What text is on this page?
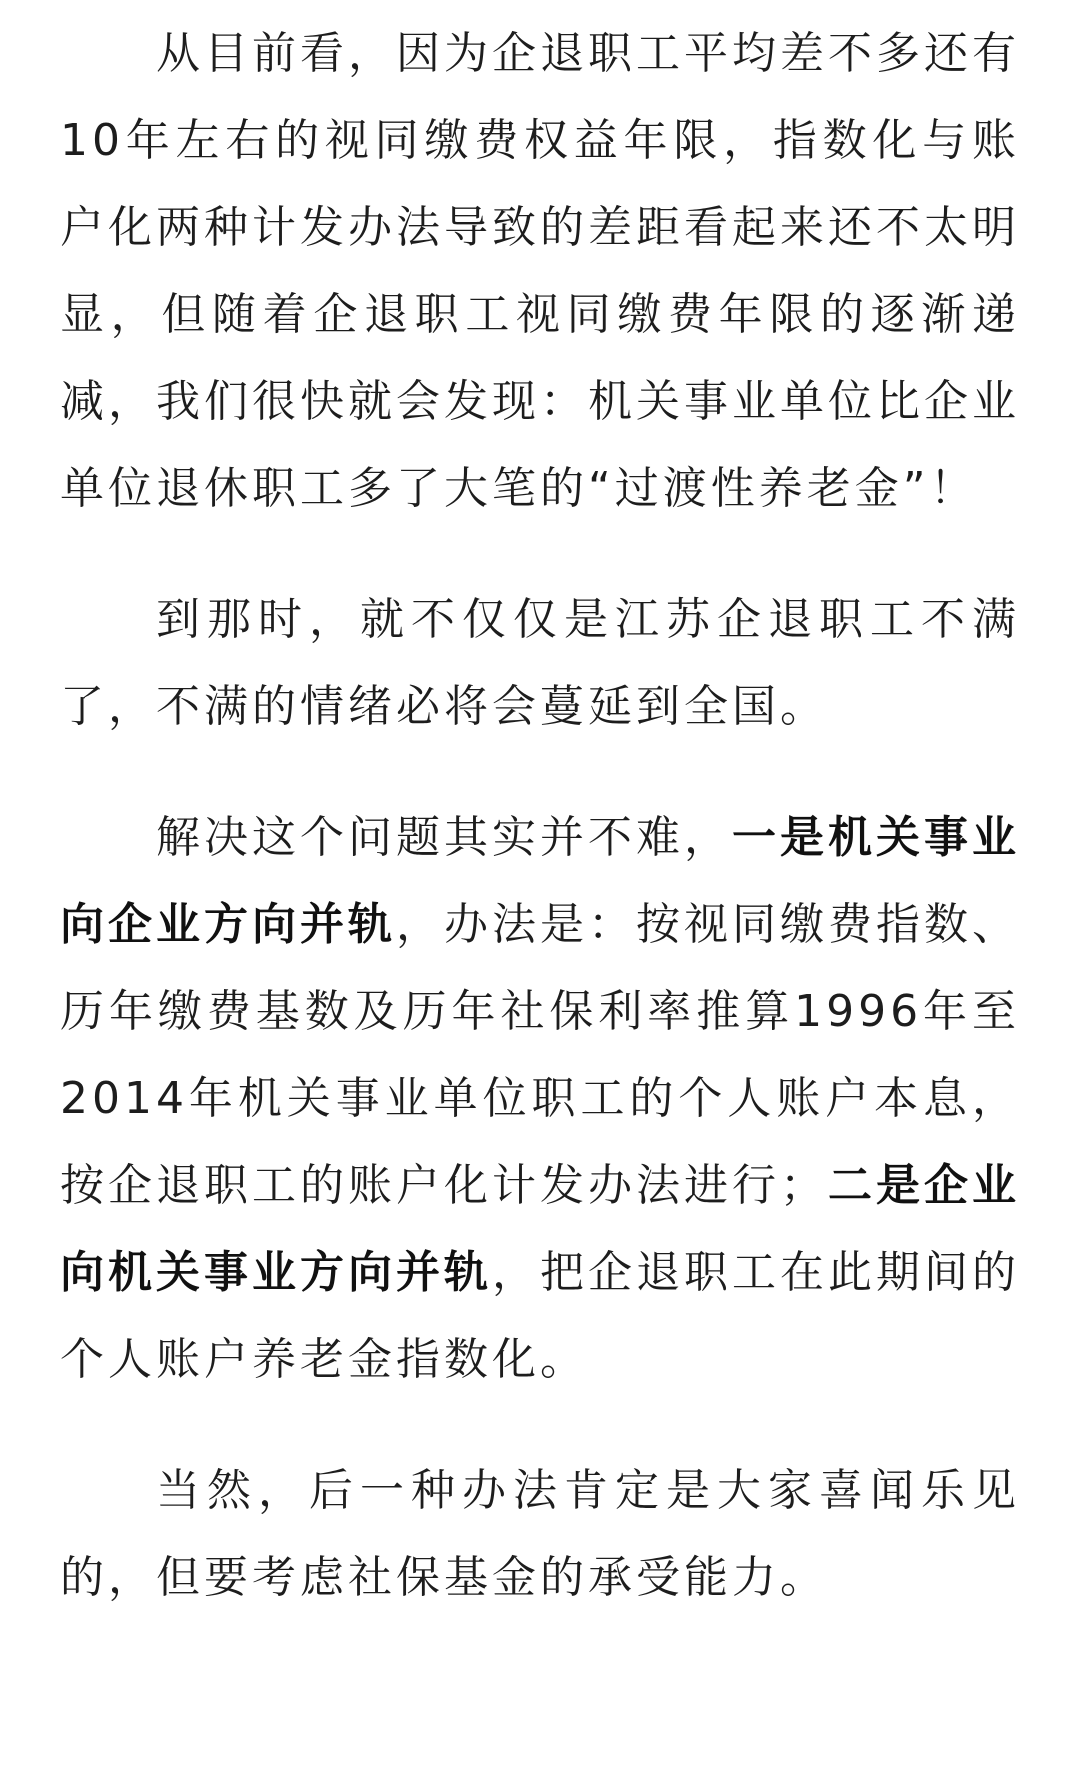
从目前看，因为企退职工平均差不多还有10年左右的视同缴费权益年限，指数化与账户化两种计发办法导致的差距看起来还不太明显，但随着企退职工视同缴费年限的逐渐递减，我们很快就会发现：机关事业单位比企业单位退休职工多了大笔的“过渡性养老金”！

到那时，就不仅仅是江苏企退职工不满了，不满的情绪必将会蔓延到全国。

解决这个问题其实并不难，一是机关事业向企业方向并轨，办法是：按视同缴费指数、历年缴费基数及历年社保利率推算1996年至2014年机关事业单位职工的个人账户本息，按企退职工的账户化计发办法进行；二是企业向机关事业方向并轨，把企退职工在此期间的个人账户养老金指数化。

当然，后一种办法肯定是大家喜闻乐见的，但要考虑社保基金的承受能力。
